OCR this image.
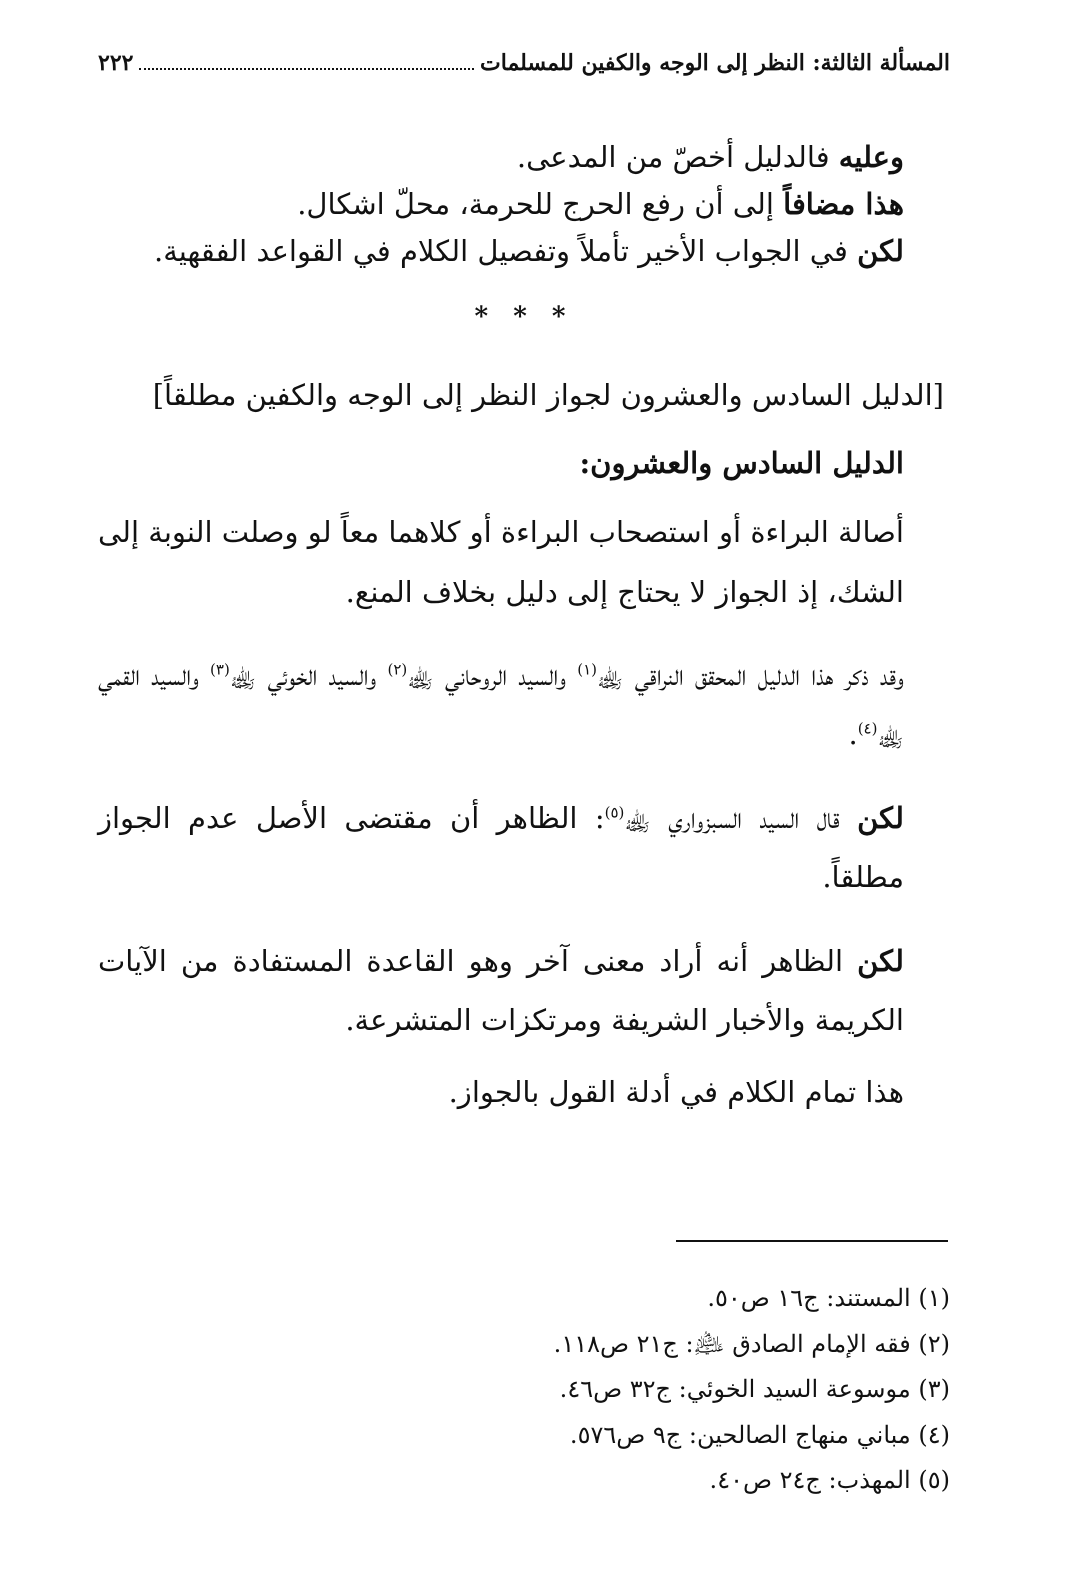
المسألة الثالثة: النظر إلى الوجه والكفين للمسلمات
٢٢٢

وعليه فالدليل أخصّ من المدعى.

هذا مضافاً إلى أن رفع الحرج للحرمة، محلّ اشكال.

لكن في الجواب الأخير تأملاً وتفصيل الكلام في القواعد الفقهية.

* * *

[الدليل السادس والعشرون لجواز النظر إلى الوجه والكفين مطلقاً]

الدليل السادس والعشرون:

أصالة البراءة أو استصحاب البراءة أو كلاهما معاً لو وصلت النوبة إلى الشك، إذ الجواز لا يحتاج إلى دليل بخلاف المنع.

وقد ذكر هذا الدليل المحقق النراقي ﵀$^{(١)}$ والسيد الروحاني ﵀$^{(٢)}$ والسيد الخوئي ﵀$^{(٣)}$ والسيد القمي ﵀$^{(٤)}$.

لكن قال السيد السبزواري ﵀$^{(٥)}$: الظاهر أن مقتضى الأصل عدم الجواز مطلقاً.

لكن الظاهر أنه أراد معنى آخر وهو القاعدة المستفادة من الآيات الكريمة والأخبار الشريفة ومرتكزات المتشرعة.

هذا تمام الكلام في أدلة القول بالجواز.

(١) المستند: ج١٦ ص٥٠.

(٢) فقه الإمام الصادق ﵇: ج٢١ ص١١٨.

(٣) موسوعة السيد الخوئي: ج٣٢ ص٤٦.

(٤) مباني منهاج الصالحين: ج٩ ص٥٧٦.

(٥) المهذب: ج٢٤ ص٤٠.
